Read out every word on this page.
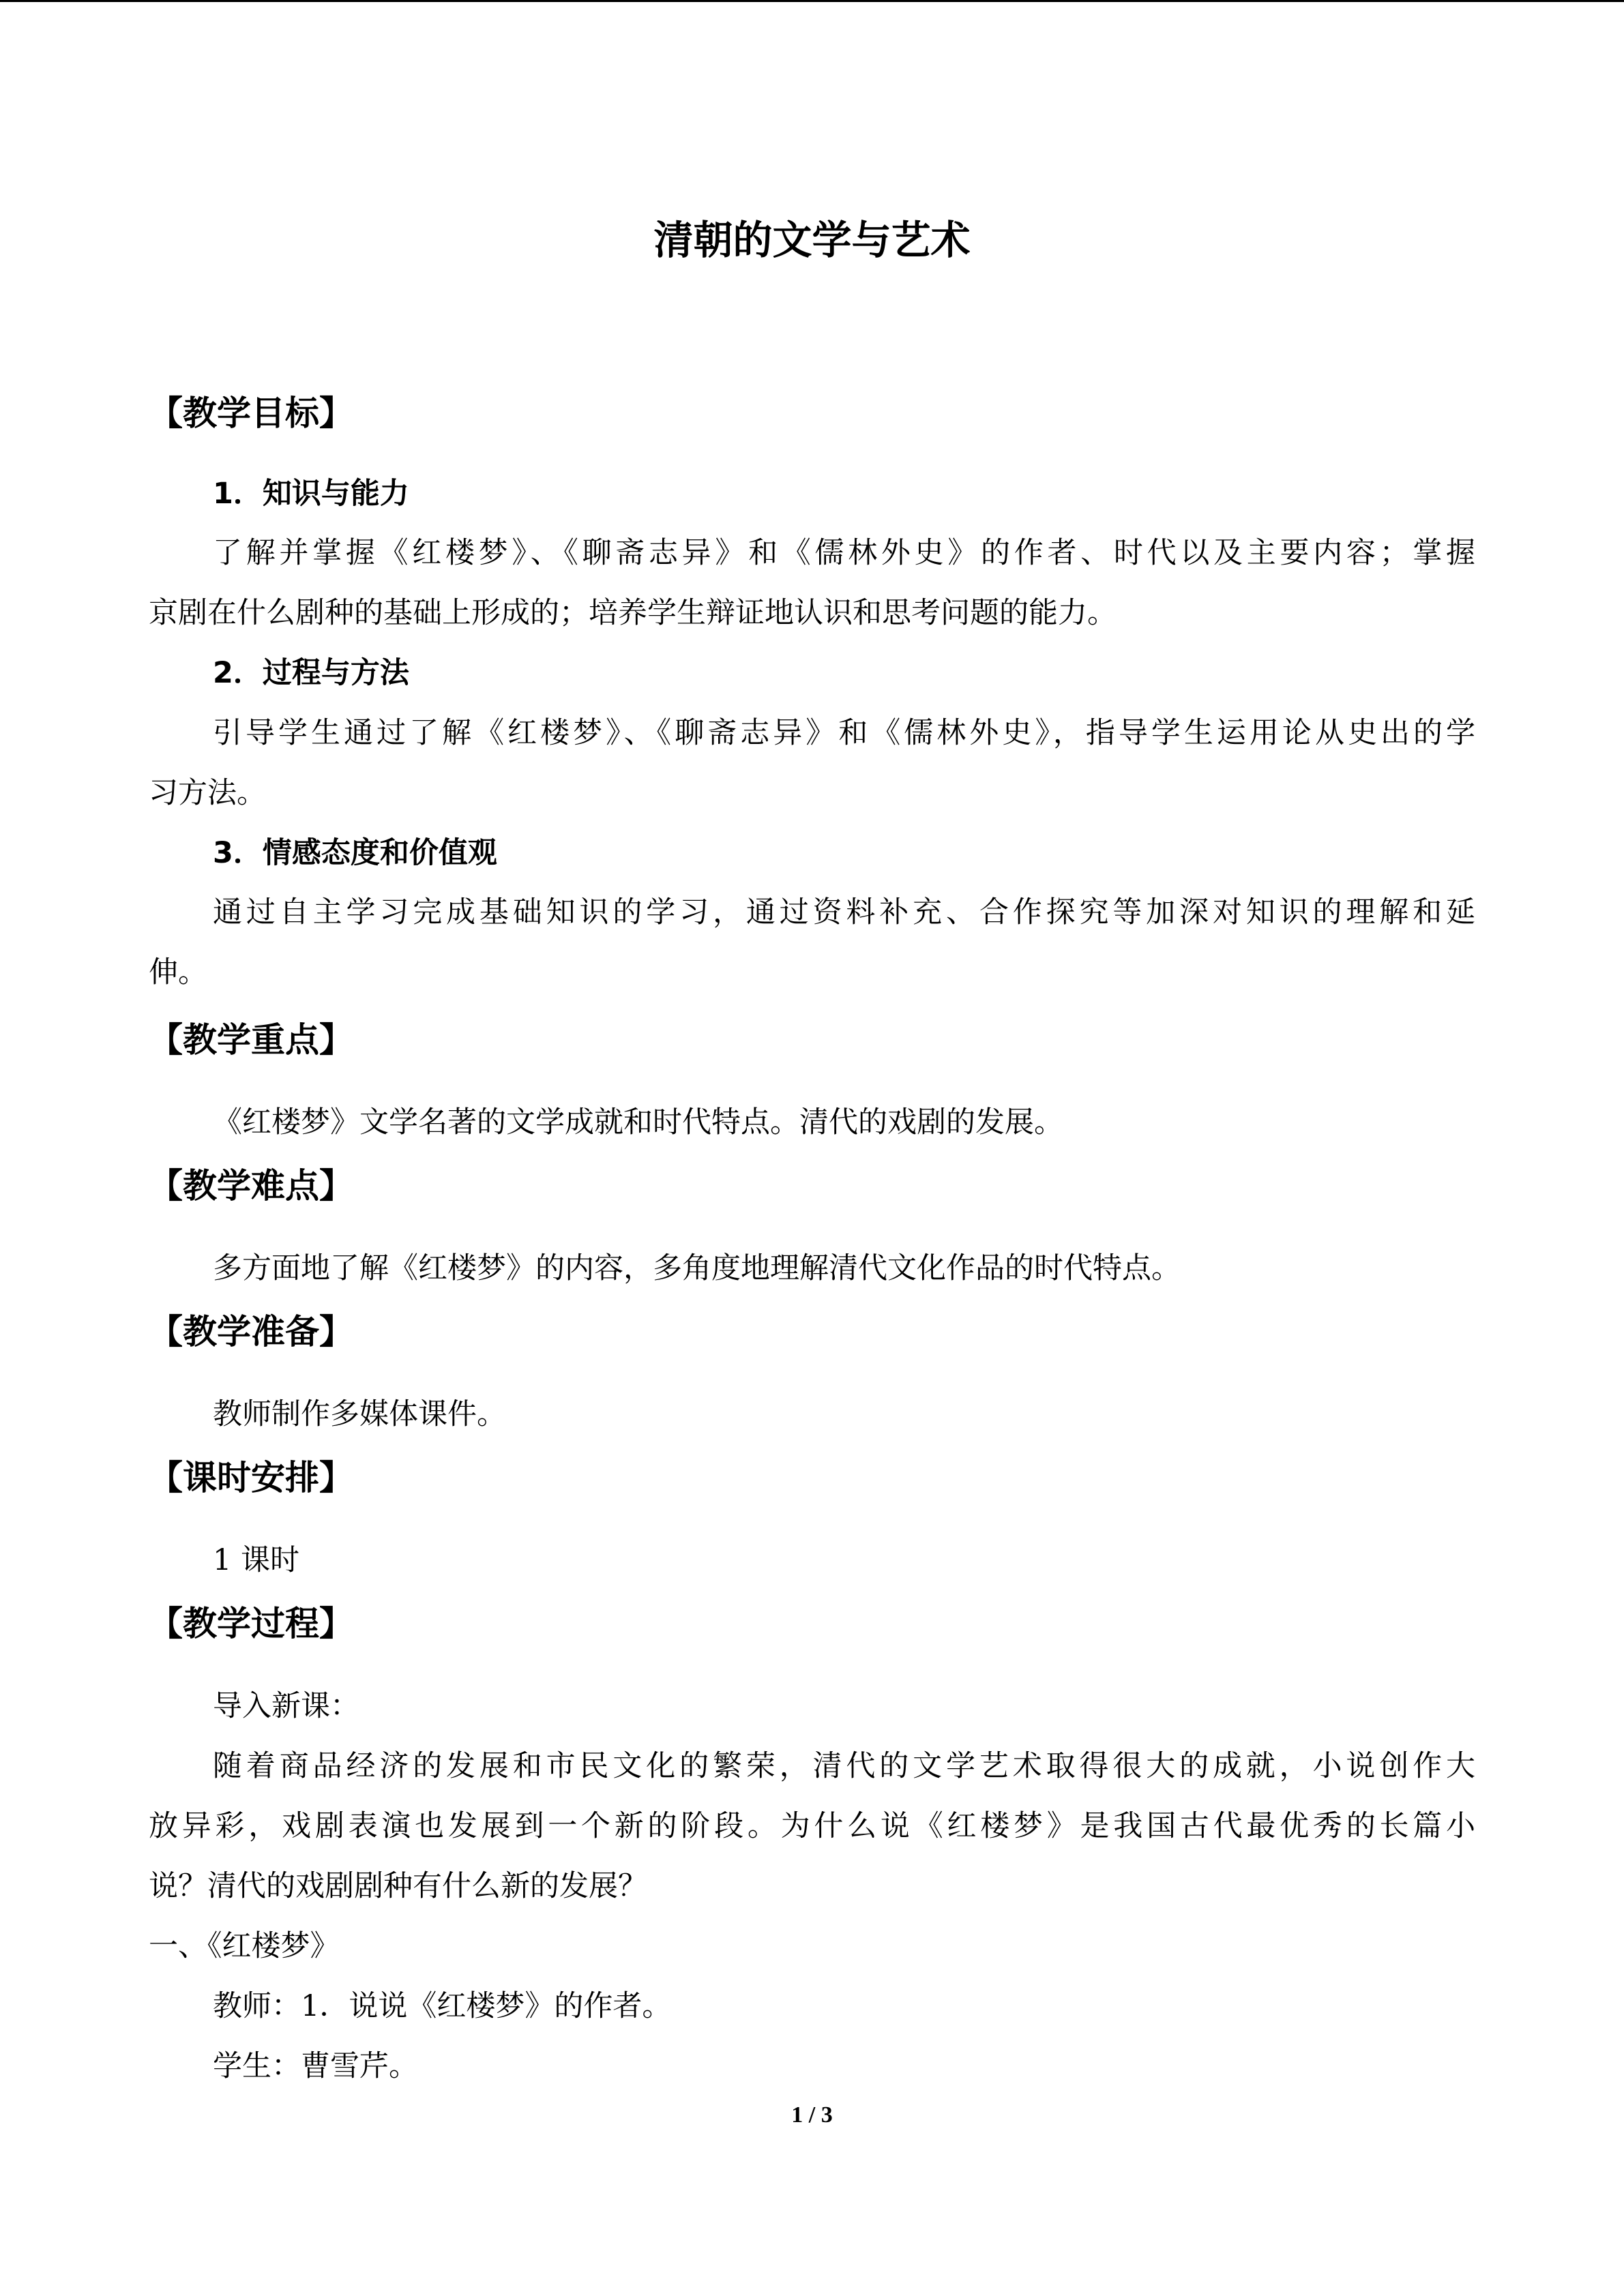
清朝的文学与艺术
【教学目标】
1．知识与能力
了解并掌握《红楼梦》、《聊斋志异》和《儒林外史》的作者、时代以及主要内容；掌握
京剧在什么剧种的基础上形成的；培养学生辩证地认识和思考问题的能力。
2．过程与方法
引导学生通过了解《红楼梦》、《聊斋志异》和《儒林外史》，指导学生运用论从史出的学
习方法。
3．情感态度和价值观
通过自主学习完成基础知识的学习，通过资料补充、合作探究等加深对知识的理解和延
伸。
【教学重点】
《红楼梦》文学名著的文学成就和时代特点。清代的戏剧的发展。
【教学难点】
多方面地了解《红楼梦》的内容，多角度地理解清代文化作品的时代特点。
【教学准备】
教师制作多媒体课件。
【课时安排】
1 课时
【教学过程】
导入新课：
随着商品经济的发展和市民文化的繁荣，清代的文学艺术取得很大的成就，小说创作大
放异彩，戏剧表演也发展到一个新的阶段。为什么说《红楼梦》是我国古代最优秀的长篇小
说？清代的戏剧剧种有什么新的发展？
一、《红楼梦》
教师：1．说说《红楼梦》的作者。
学生：曹雪芹。
1 / 3
